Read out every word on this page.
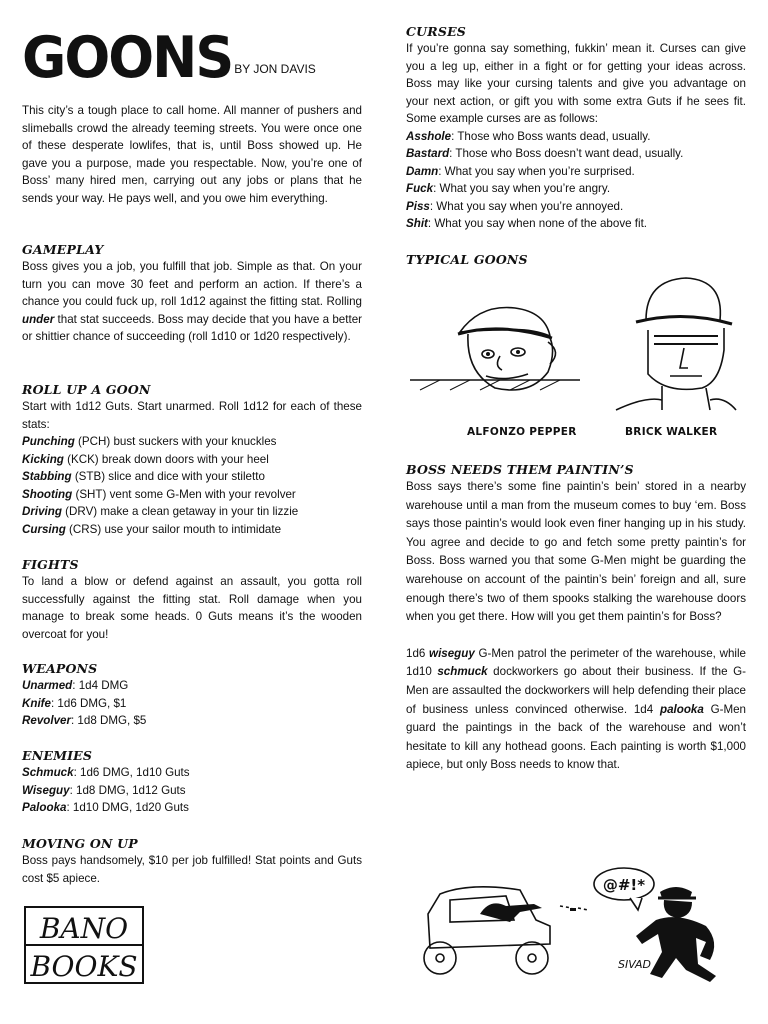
GOONS BY JON DAVIS

This city’s a tough place to call home. All manner of pushers and slimeballs crowd the already teeming streets. You were once one of these desperate lowlifes, that is, until Boss showed up. He gave you a purpose, made you respectable. Now, you’re one of Boss’ many hired men, carrying out any jobs or plans that he sends your way. He pays well, and you owe him everything.

GAMEPLAY

Boss gives you a job, you fulfill that job. Simple as that. On your turn you can move 30 feet and perform an action. If there’s a chance you could fuck up, roll 1d12 against the fitting stat. Rolling under that stat succeeds. Boss may decide that you have a better or shittier chance of succeeding (roll 1d10 or 1d20 respectively).

ROLL UP A GOON

Start with 1d12 Guts. Start unarmed. Roll 1d12 for each of these stats:

Punching (PCH) bust suckers with your knuckles
Kicking (KCK) break down doors with your heel
Stabbing (STB) slice and dice with your stiletto
Shooting (SHT) vent some G-Men with your revolver
Driving (DRV) make a clean getaway in your tin lizzie
Cursing (CRS) use your sailor mouth to intimidate
FIGHTS

To land a blow or defend against an assault, you gotta roll successfully against the fitting stat. Roll damage when you manage to break some heads. 0 Guts means it’s the wooden overcoat for you!

WEAPONS
Unarmed: 1d4 DMG
Knife: 1d6 DMG, $1
Revolver: 1d8 DMG, $5
ENEMIES
Schmuck: 1d6 DMG, 1d10 Guts
Wiseguy: 1d8 DMG, 1d12 Guts
Palooka: 1d10 DMG, 1d20 Guts
MOVING ON UP

Boss pays handsomely, $10 per job fulfilled! Stat points and Guts cost $5 apiece.

BANO
BOOKS
CURSES

If you’re gonna say something, fukkin’ mean it. Curses can give you a leg up, either in a fight or for getting your ideas across. Boss may like your cursing talents and give you advantage on your next action, or gift you with some extra Guts if he sees fit. Some example curses are as follows:

Asshole: Those who Boss wants dead, usually.
Bastard: Those who Boss doesn’t want dead, usually.
Damn: What you say when you’re surprised.
Fuck: What you say when you’re angry.
Piss: What you say when you’re annoyed.
Shit: What you say when none of the above fit.
TYPICAL GOONS
ALFONZO PEPPER	BRICK WALKER
BOSS NEEDS THEM PAINTIN’S

Boss says there’s some fine paintin’s bein’ stored in a nearby warehouse until a man from the museum comes to buy ‘em. Boss says those paintin’s would look even finer hanging up in his study. You agree and decide to go and fetch some pretty paintin’s for Boss. Boss warned you that some G-Men might be guarding the warehouse on account of the paintin’s bein’ foreign and all, sure enough there’s two of them spooks stalking the warehouse doors when you get there. How will you get them paintin’s for Boss?

1d6 wiseguy G-Men patrol the perimeter of the warehouse, while 1d10 schmuck dockworkers go about their business. If the G-Men are assaulted the dockworkers will help defending their place of business unless convinced otherwise. 1d4 palooka G-Men guard the paintings in the back of the warehouse and won’t hesitate to kill any hothead goons. Each painting is worth $1,000 apiece, but only Boss needs to know that.

@#!*
SIVAD
